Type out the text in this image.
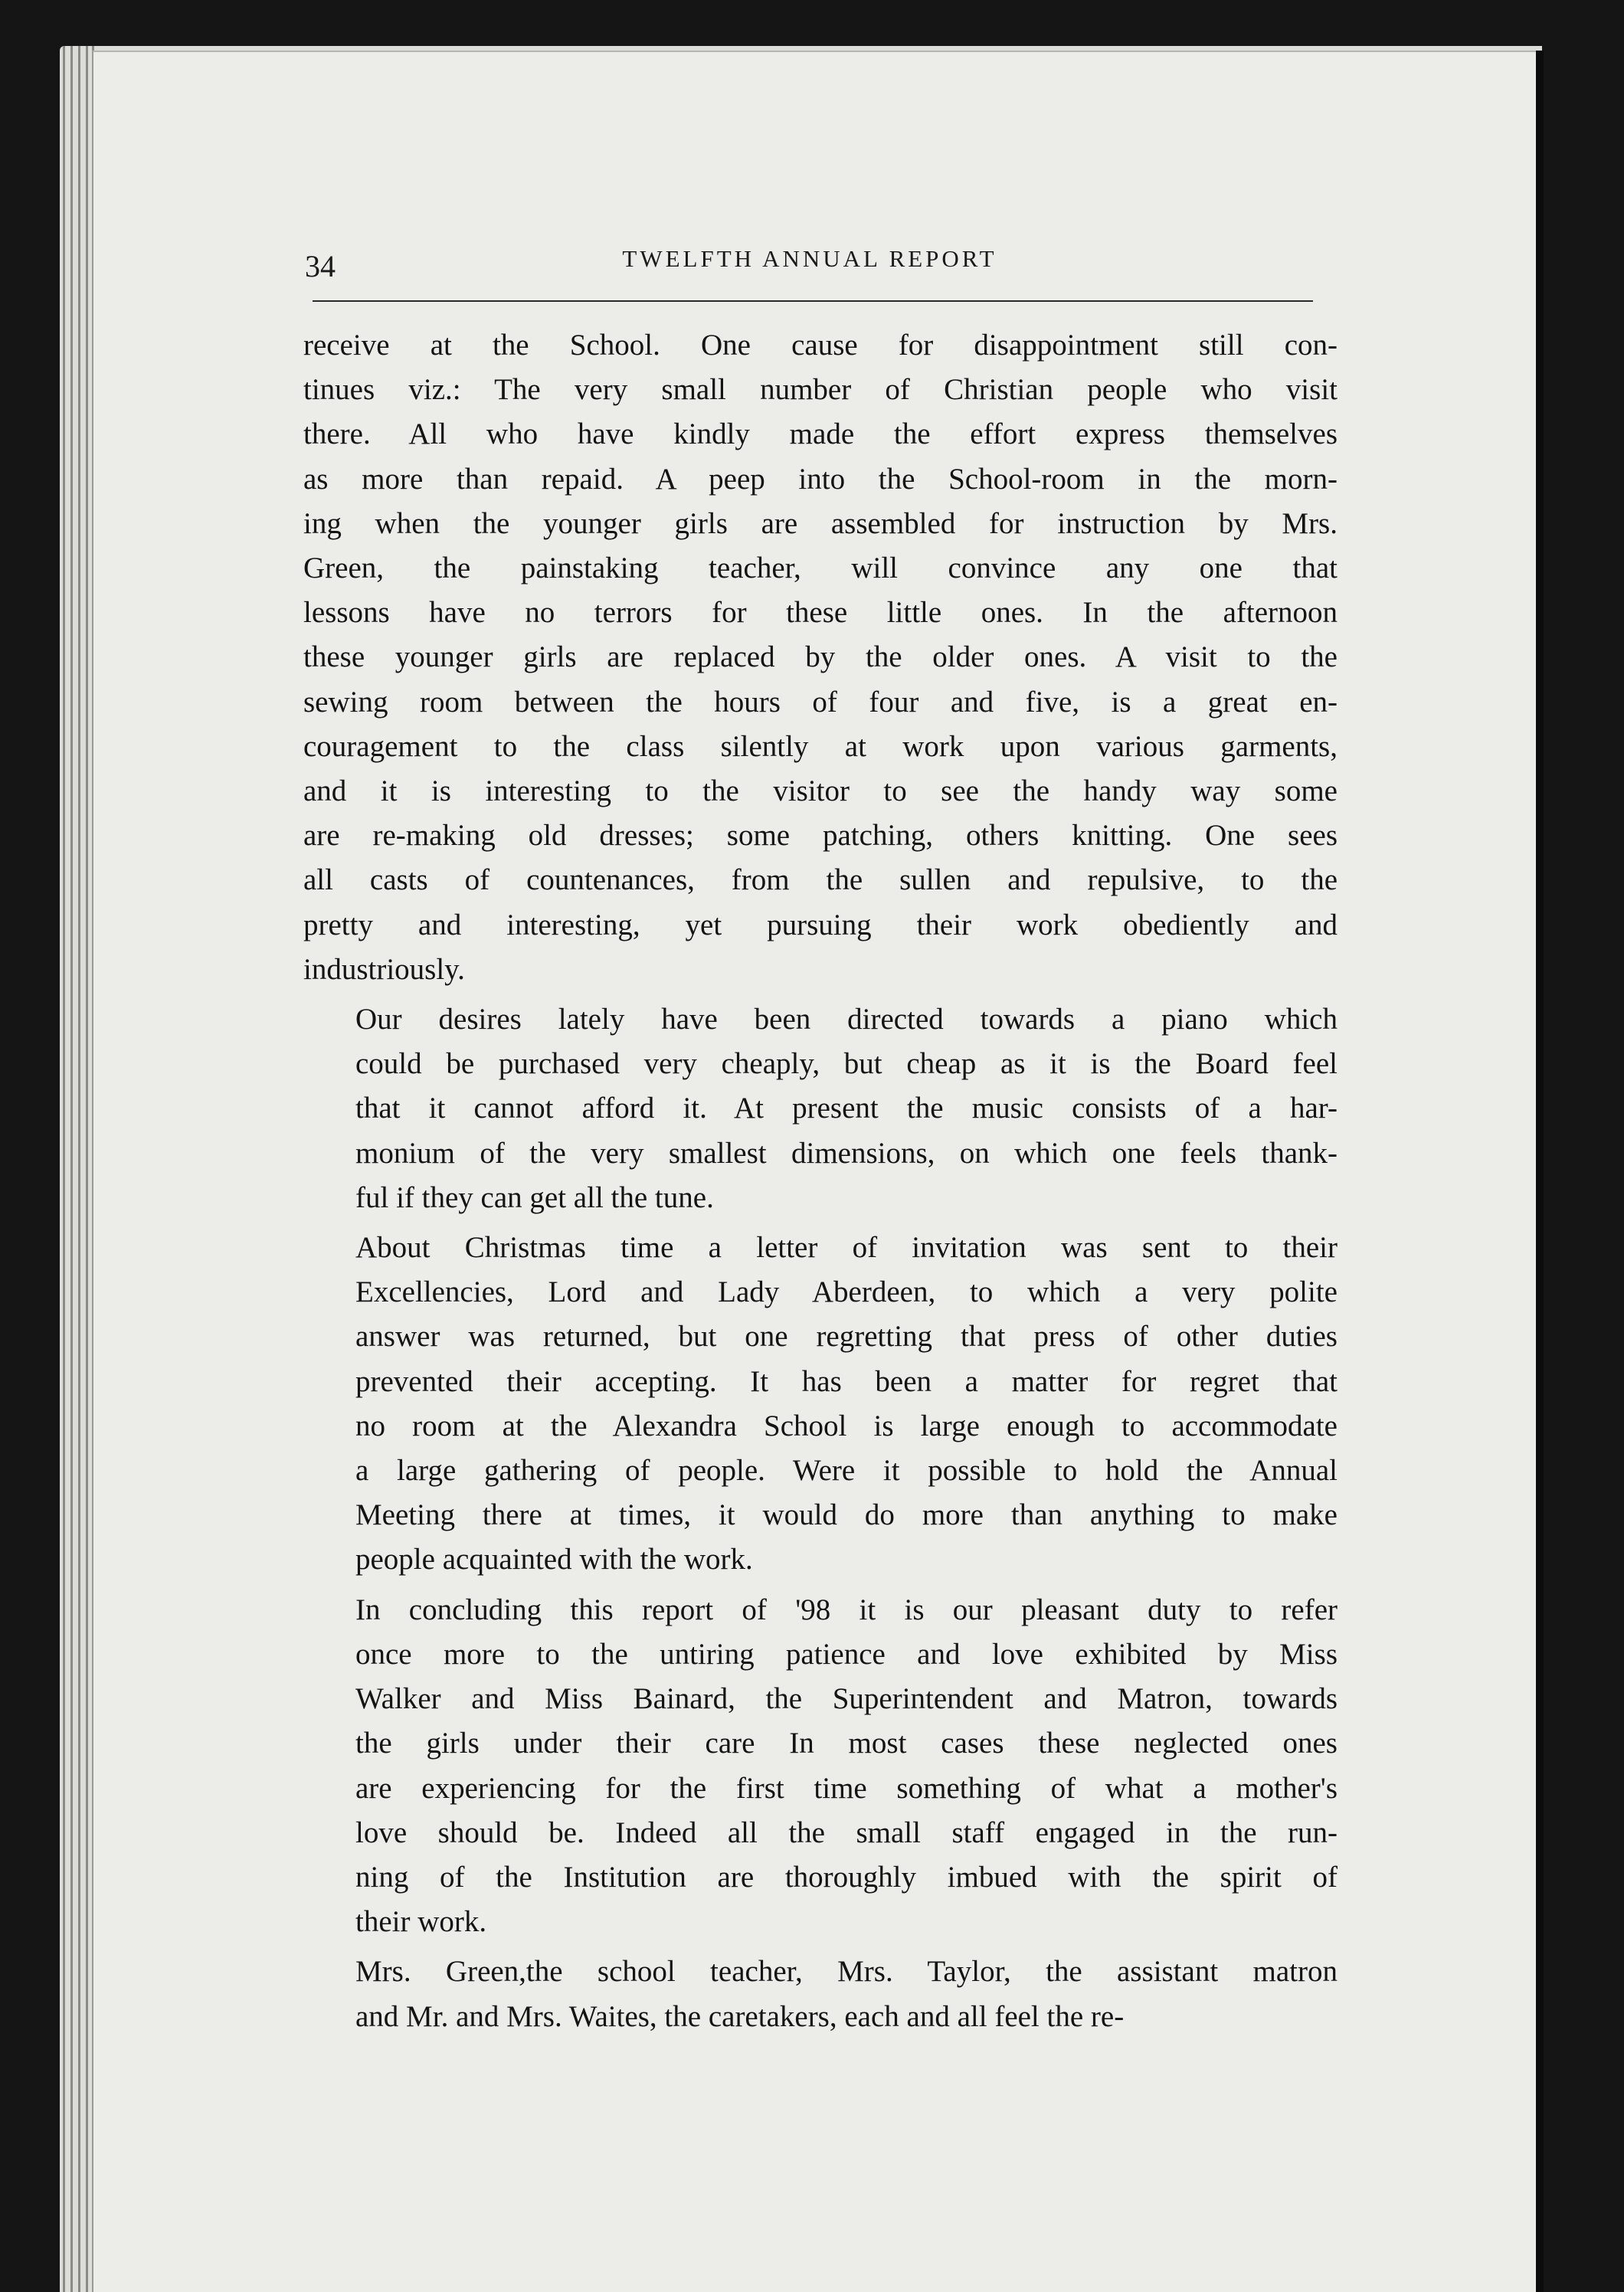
34	TWELFTH ANNUAL REPORT
receive at the School. One cause for disappointment still con-
tinues viz.: The very small number of Christian people who visit
there. All who have kindly made the effort express themselves
as more than repaid. A peep into the School-room in the morn-
ing when the younger girls are assembled for instruction by Mrs.
Green, the painstaking teacher, will convince any one that
lessons have no terrors for these little ones. In the afternoon
these younger girls are replaced by the older ones. A visit to the
sewing room between the hours of four and five, is a great en-
couragement to the class silently at work upon various garments,
and it is interesting to the visitor to see the handy way some
are re-making old dresses; some patching, others knitting. One sees
all casts of countenances, from the sullen and repulsive, to the
pretty and interesting, yet pursuing their work obediently and
industriously.
Our desires lately have been directed towards a piano which
could be purchased very cheaply, but cheap as it is the Board feel
that it cannot afford it. At present the music consists of a har-
monium of the very smallest dimensions, on which one feels thank-
ful if they can get all the tune.
About Christmas time a letter of invitation was sent to their
Excellencies, Lord and Lady Aberdeen, to which a very polite
answer was returned, but one regretting that press of other duties
prevented their accepting. It has been a matter for regret that
no room at the Alexandra School is large enough to accommodate
a large gathering of people. Were it possible to hold the Annual
Meeting there at times, it would do more than anything to make
people acquainted with the work.
In concluding this report of '98 it is our pleasant duty to refer
once more to the untiring patience and love exhibited by Miss
Walker and Miss Bainard, the Superintendent and Matron, towards
the girls under their care In most cases these neglected ones
are experiencing for the first time something of what a mother's
love should be. Indeed all the small staff engaged in the run-
ning of the Institution are thoroughly imbued with the spirit of
their work.
Mrs. Green,the school teacher, Mrs. Taylor, the assistant matron
and Mr. and Mrs. Waites, the caretakers, each and all feel the re-
